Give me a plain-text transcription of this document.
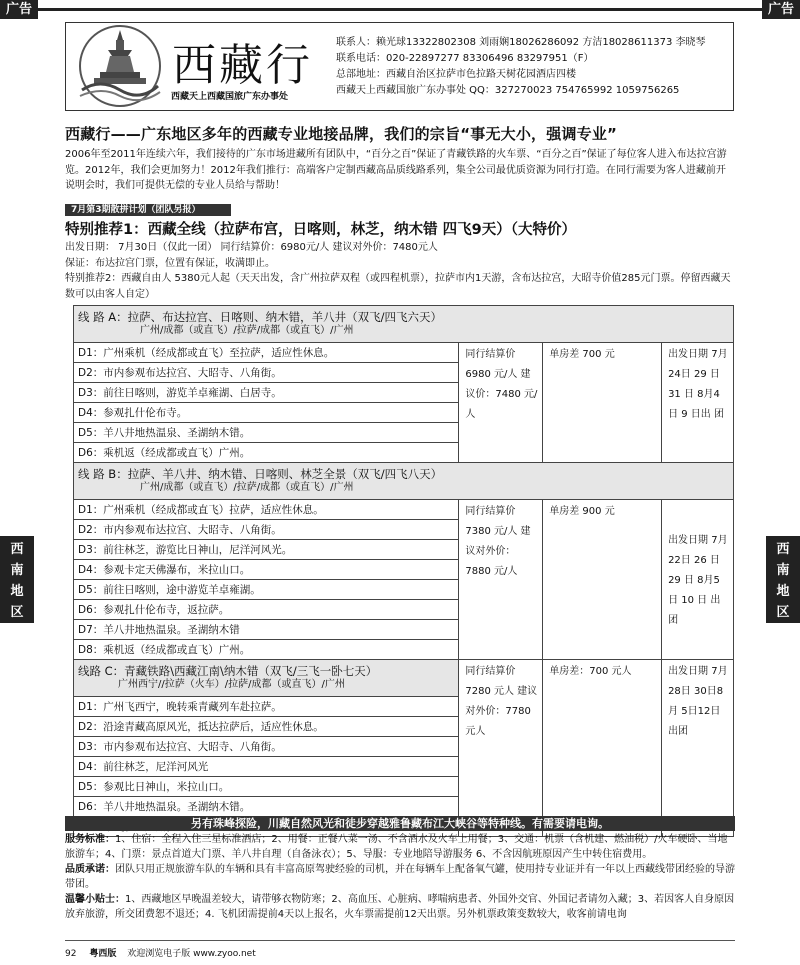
广告	广告
西藏行
西藏天上西藏国旅广东办事处
联系人：赖光球13322802308 刘雨娴18026286092 方洁18028611373 李晓琴
联系电话：020-22897277 83306496 83297951（F）
总部地址：西藏自治区拉萨市色拉路天树花园酒店四楼
西藏天上西藏国旅广东办事处 QQ：327270023 754765992 1059756265
西藏行——广东地区多年的西藏专业地接品牌，我们的宗旨“事无大小，强调专业”
2006年至2011年连续六年，我们接待的广东市场进藏所有团队中，“百分之百”保证了青藏铁路的火车票、“百分之百”保证了每位客人进入布达拉宫游览。2012年，我们会更加努力！2012年我们推行：高端客户定制西藏高品质线路系列，集全公司最优质资源为同行打造。在同行需要为客人进藏前开说明会时，我们可提供无偿的专业人员给与帮助！
7月第3期散拼计划（团队另报）
特别推荐1：西藏全线（拉萨布宫，日喀则，林芝，纳木错 四飞9天）（大特价）
出发日期： 7月30日（仅此一团） 同行结算价：6980元/人 建议对外价：7480元人
保证：布达拉宫门票，位置有保证，收满即止。
特别推荐2：西藏自由人 5380元人起（天天出发，含广州拉萨双程（或四程机票），拉萨市内1天游，含布达拉宫，大昭寺价值285元门票。停留西藏天数可以由客人自定）
西南地区
西南地区
线 路 A：拉萨、布达拉宫、日喀则、纳木错，羊八井（双飞/四飞六天）
广州/成都（或直飞）/拉萨/成都（或直飞）/广州			

D1：广州乘机（经成都或直飞）至拉萨，适应性休息。	同行结算价 6980 元/人 建议价：7480 元/人	单房差 700 元	出发日期 7月24日 29 日 31 日 8月4 日 9 日出 团
D2：市内参观布达拉宫、大昭寺、八角街。			
D3：前往日喀则，游览羊卓雍湖、白居寺。			
D4：参观扎什伦布寺。			
D5：羊八井地热温泉、圣湖纳木错。			
D6：乘机返（经成都或直飞）广州。			
线 路 B：拉萨、羊八井、纳木错、日喀则、林芝全景（双飞/四飞八天）
广州/成都（或直飞）/拉萨/成都（或直飞）/广州			

D1：广州乘机（经成都或直飞）拉萨，适应性休息。	同行结算价 7380 元/人 建议对外价：7880 元/人	单房差 900 元	出发日期 7月22日 26 日 29 日 8月5 日 10 日 出团
D2：市内参观布达拉宫、大昭寺、八角街。			
D3：前往林芝，游览比日神山，尼洋河风光。			
D4：参观卡定天佛瀑布，米拉山口。			
D5：前往日喀则，途中游览羊卓雍湖。			
D6：参观扎什伦布寺，返拉萨。			
D7：羊八井地热温泉。圣湖纳木错			
D8：乘机返（经成都或直飞）广州。			
线路 C：青藏铁路\西藏江南\纳木错（双飞/三飞一卧七天）
广州西宁//拉萨（火车）/拉萨/成都（或直飞）/广州	同行结算价 7280 元人 建议对外价：7780 元人	单房差：700 元人	出发日期 7月28日 30日8月 5日12日 出团
D1：广州飞西宁，晚转乘青藏列车赴拉萨。			
D2：沿途青藏高原风光，抵达拉萨后，适应性休息。			
D3：市内参观布达拉宫、大昭寺、八角街。			
D4：前往林芝，尼洋河风光			
D5：参观比日神山，米拉山口。			
D6：羊八井地热温泉。圣湖纳木错。			

另有珠峰探险，川藏自然风光和徒步穿越雅鲁藏布江大峡谷等特种线。有需要请电询。
服务标准：1、住宿：全程入住三星标准酒店；2、用餐：正餐八菜一汤、不含酒水及火车上用餐；3、交通：机票（含机建、燃油税）/火车硬卧、当地旅游车；4、门票：景点首道大门票、羊八井自理（自备泳衣）；5、导服：专业地陪导游服务 6、不含因航班原因产生中转住宿费用。
品质承诺：团队只用正规旅游车队的车辆和具有丰富高原驾驶经验的司机，并在每辆车上配备氧气罐，使用持专业证并有一年以上西藏线带团经验的导游带团。
温馨小贴士：1、西藏地区早晚温差较大，请带够衣物防寒；2、高血压、心脏病、哮喘病患者、外国外交官、外国记者请勿入藏；3、若因客人自身原因放弃旅游，所交团费恕不退还；4. 飞机团需提前4天以上报名，火车票需提前12天出票。另外机票政策变数较大，收客前请电询
92 粤西版 欢迎浏览电子版 www.zyoo.net
